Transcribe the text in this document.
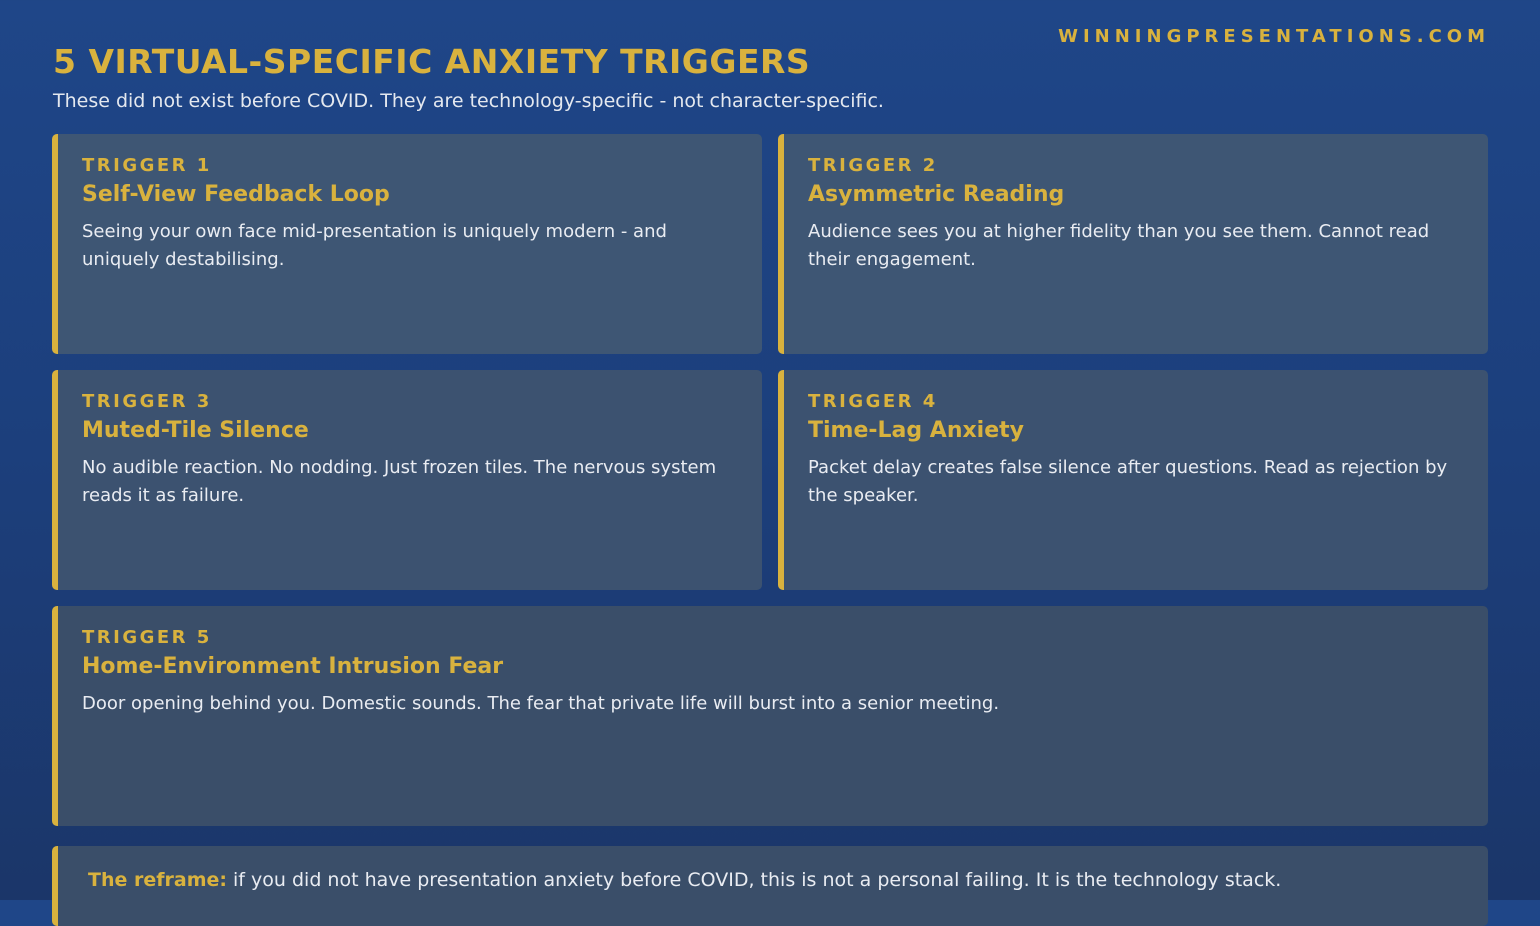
WINNINGPRESENTATIONS.COM
5 VIRTUAL-SPECIFIC ANXIETY TRIGGERS
These did not exist before COVID. They are technology-specific - not character-specific.
TRIGGER 1
Self-View Feedback Loop
Seeing your own face mid-presentation is uniquely modern - and uniquely destabilising.
TRIGGER 2
Asymmetric Reading
Audience sees you at higher fidelity than you see them. Cannot read their engagement.
TRIGGER 3
Muted-Tile Silence
No audible reaction. No nodding. Just frozen tiles. The nervous system reads it as failure.
TRIGGER 4
Time-Lag Anxiety
Packet delay creates false silence after questions. Read as rejection by the speaker.
TRIGGER 5
Home-Environment Intrusion Fear
Door opening behind you. Domestic sounds. The fear that private life will burst into a senior meeting.
The reframe: if you did not have presentation anxiety before COVID, this is not a personal failing. It is the technology stack.
